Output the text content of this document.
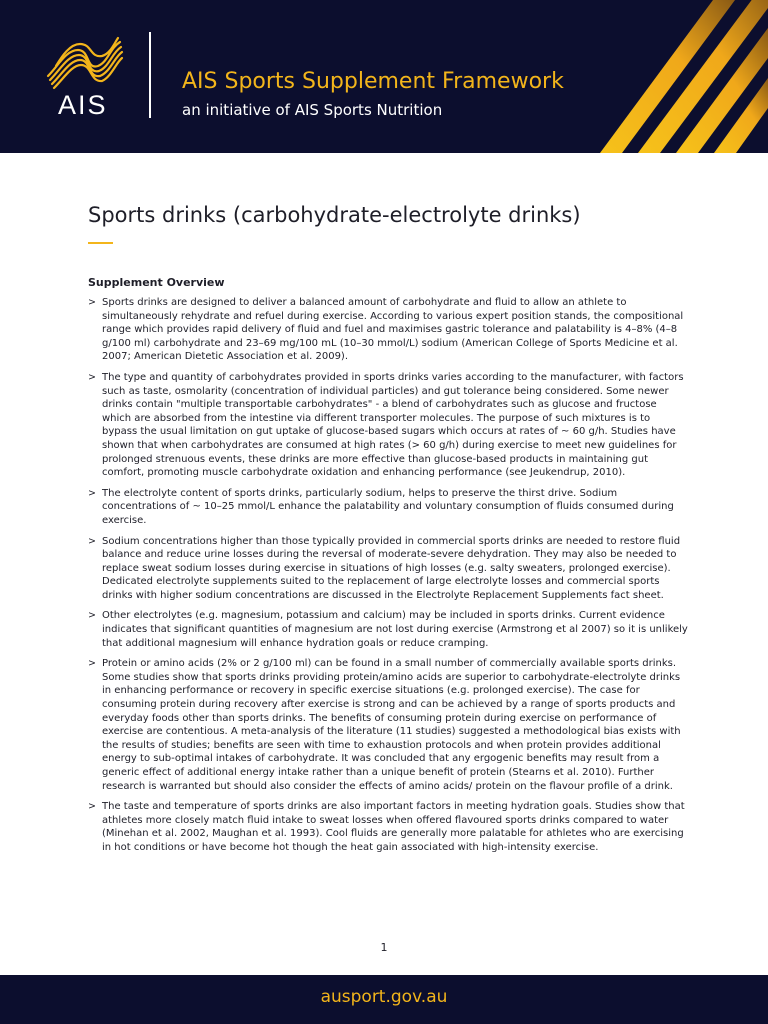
AIS
AIS Sports Supplement Framework
an initiative of AIS Sports Nutrition
Sports drinks (carbohydrate-electrolyte drinks)
Supplement Overview
> Sports drinks are designed to deliver a balanced amount of carbohydrate and fluid to allow an athlete to simultaneously rehydrate and refuel during exercise. According to various expert position stands, the compositional range which provides rapid delivery of fluid and fuel and maximises gastric tolerance and palatability is 4–8% (4–8 g/100 ml) carbohydrate and 23–69 mg/100 mL (10–30 mmol/L) sodium (American College of Sports Medicine et al. 2007; American Dietetic Association et al. 2009).
> The type and quantity of carbohydrates provided in sports drinks varies according to the manufacturer, with factors such as taste, osmolarity (concentration of individual particles) and gut tolerance being considered. Some newer drinks contain "multiple transportable carbohydrates" - a blend of carbohydrates such as glucose and fructose which are absorbed from the intestine via different transporter molecules. The purpose of such mixtures is to bypass the usual limitation on gut uptake of glucose-based sugars which occurs at rates of ~ 60 g/h. Studies have shown that when carbohydrates are consumed at high rates (> 60 g/h) during exercise to meet new guidelines for prolonged strenuous events, these drinks are more effective than glucose-based products in maintaining gut comfort, promoting muscle carbohydrate oxidation and enhancing performance (see Jeukendrup, 2010).
> The electrolyte content of sports drinks, particularly sodium, helps to preserve the thirst drive. Sodium concentrations of ~ 10–25 mmol/L enhance the palatability and voluntary consumption of fluids consumed during exercise.
> Sodium concentrations higher than those typically provided in commercial sports drinks are needed to restore fluid balance and reduce urine losses during the reversal of moderate-severe dehydration. They may also be needed to replace sweat sodium losses during exercise in situations of high losses (e.g. salty sweaters, prolonged exercise). Dedicated electrolyte supplements suited to the replacement of large electrolyte losses and commercial sports drinks with higher sodium concentrations are discussed in the Electrolyte Replacement Supplements fact sheet.
> Other electrolytes (e.g. magnesium, potassium and calcium) may be included in sports drinks. Current evidence indicates that significant quantities of magnesium are not lost during exercise (Armstrong et al 2007) so it is unlikely that additional magnesium will enhance hydration goals or reduce cramping.
> Protein or amino acids (2% or 2 g/100 ml) can be found in a small number of commercially available sports drinks. Some studies show that sports drinks providing protein/amino acids are superior to carbohydrate-electrolyte drinks in enhancing performance or recovery in specific exercise situations (e.g. prolonged exercise). The case for consuming protein during recovery after exercise is strong and can be achieved by a range of sports products and everyday foods other than sports drinks. The benefits of consuming protein during exercise on performance of exercise are contentious. A meta-analysis of the literature (11 studies) suggested a methodological bias exists with the results of studies; benefits are seen with time to exhaustion protocols and when protein provides additional energy to sub-optimal intakes of carbohydrate. It was concluded that any ergogenic benefits may result from a generic effect of additional energy intake rather than a unique benefit of protein (Stearns et al. 2010). Further research is warranted but should also consider the effects of amino acids/ protein on the flavour profile of a drink.
> The taste and temperature of sports drinks are also important factors in meeting hydration goals. Studies show that athletes more closely match fluid intake to sweat losses when offered flavoured sports drinks compared to water (Minehan et al. 2002, Maughan et al. 1993). Cool fluids are generally more palatable for athletes who are exercising in hot conditions or have become hot though the heat gain associated with high-intensity exercise.
1
ausport.gov.au
